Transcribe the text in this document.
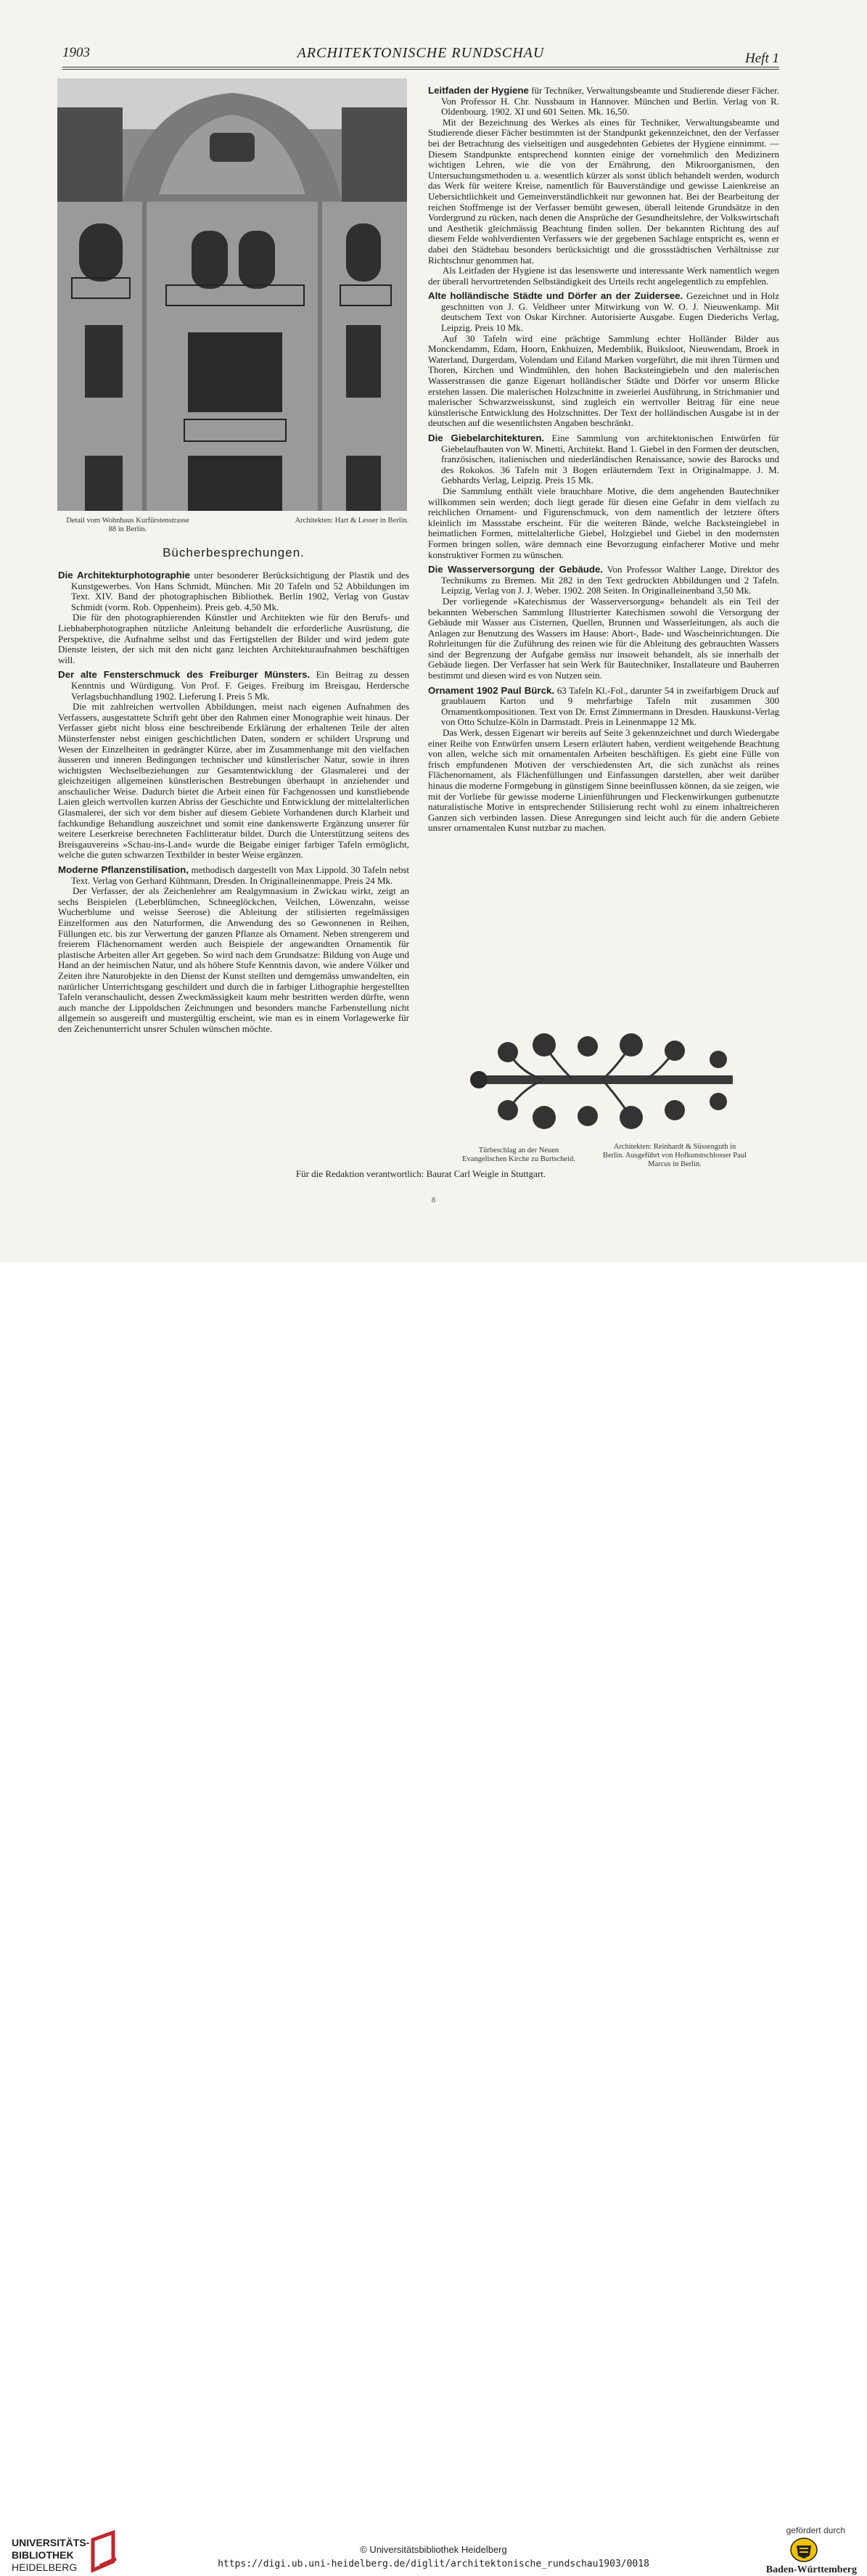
1903	ARCHITEKTONISCHE RUNDSCHAU	Heft 1
Detail vom Wohnhaus Kurfürstenstrasse 88 in Berlin.
Architekten: Hart & Lesser in Berlin.
Bücherbesprechungen.

Die Architekturphotographie unter besonderer Berücksichtigung der Plastik und des Kunstgewerbes. Von Hans Schmidt, München. Mit 20 Tafeln und 52 Abbildungen im Text. XIV. Band der photographischen Bibliothek. Berlin 1902, Verlag von Gustav Schmidt (vorm. Rob. Oppenheim). Preis geb. 4,50 Mk.

Die für den photographierenden Künstler und Architekten wie für den Berufs- und Liebhaberphotographen nützliche Anleitung behandelt die erforderliche Ausrüstung, die Perspektive, die Aufnahme selbst und das Fertigstellen der Bilder und wird jedem gute Dienste leisten, der sich mit den nicht ganz leichten Architekturaufnahmen beschäftigen will.

Der alte Fensterschmuck des Freiburger Münsters. Ein Beitrag zu dessen Kenntnis und Würdigung. Von Prof. F. Geiges. Freiburg im Breisgau, Herdersche Verlagsbuchhandlung 1902. Lieferung I. Preis 5 Mk.

Die mit zahlreichen wertvollen Abbildungen, meist nach eigenen Aufnahmen des Verfassers, ausgestattete Schrift geht über den Rahmen einer Monographie weit hinaus. Der Verfasser giebt nicht bloss eine beschreibende Erklärung der erhaltenen Teile der alten Münsterfenster nebst einigen geschichtlichen Daten, sondern er schildert Ursprung und Wesen der Einzelheiten in gedrängter Kürze, aber im Zusammenhange mit den vielfachen äusseren und inneren Bedingungen technischer und künstlerischer Natur, sowie in ihren wichtigsten Wechselbeziehungen zur Gesamtentwicklung der Glasmalerei und der gleichzeitigen allgemeinen künstlerischen Bestrebungen überhaupt in anziehender und anschaulicher Weise. Dadurch bietet die Arbeit einen für Fachgenossen und kunstliebende Laien gleich wertvollen kurzen Abriss der Geschichte und Entwicklung der mittelalterlichen Glasmalerei, der sich vor dem bisher auf diesem Gebiete Vorhandenen durch Klarheit und fachkundige Behandlung auszeichnet und somit eine dankenswerte Ergänzung unserer für weitere Leserkreise berechneten Fachlitteratur bildet. Durch die Unterstützung seitens des Breisgauvereins »Schau-ins-Land« wurde die Beigabe einiger farbiger Tafeln ermöglicht, welche die guten schwarzen Textbilder in bester Weise ergänzen.

Moderne Pflanzenstilisation, methodisch dargestellt von Max Lippold. 30 Tafeln nebst Text. Verlag von Gerhard Kühtmann, Dresden. In Originalleinenmappe. Preis 24 Mk.

Der Verfasser, der als Zeichenlehrer am Realgymnasium in Zwickau wirkt, zeigt an sechs Beispielen (Leberblümchen, Schneeglöckchen, Veilchen, Löwenzahn, weisse Wucherblume und weisse Seerose) die Ableitung der stilisierten regelmässigen Einzelformen aus den Naturformen, die Anwendung des so Gewonnenen in Reihen, Füllungen etc. bis zur Verwertung der ganzen Pflanze als Ornament. Neben strengerem und freierem Flächenornament werden auch Beispiele der angewandten Ornamentik für plastische Arbeiten aller Art gegeben. So wird nach dem Grundsatze: Bildung von Auge und Hand an der heimischen Natur, und als höhere Stufe Kenntnis davon, wie andere Völker und Zeiten ihre Naturobjekte in den Dienst der Kunst stellten und demgemäss umwandelten, ein natürlicher Unterrichtsgang geschildert und durch die in farbiger Lithographie hergestellten Tafeln veranschaulicht, dessen Zweckmässigkeit kaum mehr bestritten werden dürfte, wenn auch manche der Lippoldschen Zeichnungen und besonders manche Farbenstellung nicht allgemein so ausgereift und mustergültig erscheint, wie man es in einem Vorlagewerke für den Zeichenunterricht unsrer Schulen wünschen möchte.

Leitfaden der Hygiene für Techniker, Verwaltungsbeamte und Studierende dieser Fächer. Von Professor H. Chr. Nussbaum in Hannover. München und Berlin. Verlag von R. Oldenbourg. 1902. XI und 601 Seiten. Mk. 16,50.

Mit der Bezeichnung des Werkes als eines für Techniker, Verwaltungsbeamte und Studierende dieser Fächer bestimmten ist der Standpunkt gekennzeichnet, den der Verfasser bei der Betrachtung des vielseitigen und ausgedehnten Gebietes der Hygiene einnimmt. — Diesem Standpunkte entsprechend konnten einige der vornehmlich den Medizinern wichtigen Lehren, wie die von der Ernährung, den Mikroorganismen, den Untersuchungsmethoden u. a. wesentlich kürzer als sonst üblich behandelt werden, wodurch das Werk für weitere Kreise, namentlich für Bauverständige und gewisse Laienkreise an Uebersichtlichkeit und Gemeinverständlichkeit nur gewonnen hat. Bei der Bearbeitung der reichen Stoffmenge ist der Verfasser bemüht gewesen, überall leitende Grundsätze in den Vordergrund zu rücken, nach denen die Ansprüche der Gesundheitslehre, der Volkswirtschaft und Aesthetik gleichmässig Beachtung finden sollen. Der bekannten Richtung des auf diesem Felde wohlverdienten Verfassers wie der gegebenen Sachlage entspricht es, wenn er dabei den Städtebau besonders berücksichtigt und die grossstädtischen Verhältnisse zur Richtschnur genommen hat.

Als Leitfaden der Hygiene ist das lesenswerte und interessante Werk namentlich wegen der überall hervortretenden Selbständigkeit des Urteils recht angelegentlich zu empfehlen.

Alte holländische Städte und Dörfer an der Zuidersee. Gezeichnet und in Holz geschnitten von J. G. Veldheer unter Mitwirkung von W. O. J. Nieuwenkamp. Mit deutschem Text von Oskar Kirchner. Autorisierte Ausgabe. Eugen Diederichs Verlag, Leipzig. Preis 10 Mk.

Auf 30 Tafeln wird eine prächtige Sammlung echter Holländer Bilder aus Monckendamm, Edam, Hoorn, Enkhuizen, Medemblik, Buiksloot, Nieuwendam, Broek in Waterland, Durgerdam, Volendam und Eiland Marken vorgeführt, die mit ihren Türmen und Thoren, Kirchen und Windmühlen, den hohen Backsteingiebeln und den malerischen Wasserstrassen die ganze Eigenart holländischer Städte und Dörfer vor unserm Blicke erstehen lassen. Die malerischen Holzschnitte in zweierlei Ausführung, in Strichmanier und malerischer Schwarzweisskunst, sind zugleich ein wertvoller Beitrag für eine neue künstlerische Entwicklung des Holzschnittes. Der Text der holländischen Ausgabe ist in der deutschen auf die wesentlichsten Angaben beschränkt.

Die Giebelarchitekturen. Eine Sammlung von architektonischen Entwürfen für Giebelaufbauten von W. Minetti, Architekt. Band 1. Giebel in den Formen der deutschen, französischen, italienischen und niederländischen Renaissance, sowie des Barocks und des Rokokos. 36 Tafeln mit 3 Bogen erläuterndem Text in Originalmappe. J. M. Gebhardts Verlag, Leipzig. Preis 15 Mk.

Die Sammlung enthält viele brauchbare Motive, die dem angehenden Bautechniker willkommen sein werden; doch liegt gerade für diesen eine Gefahr in dem vielfach zu reichlichen Ornament- und Figurenschmuck, von dem namentlich der letztere öfters kleinlich im Massstabe erscheint. Für die weiteren Bände, welche Backsteingiebel in heimatlichen Formen, mittelalterliche Giebel, Holzgiebel und Giebel in den modernsten Formen bringen sollen, wäre demnach eine Bevorzugung einfacherer Motive und mehr konstruktiver Formen zu wünschen.

Die Wasserversorgung der Gebäude. Von Professor Walther Lange, Direktor des Technikums zu Bremen. Mit 282 in den Text gedruckten Abbildungen und 2 Tafeln. Leipzig, Verlag von J. J. Weber. 1902. 208 Seiten. In Originalleinenband 3,50 Mk.

Der vorliegende »Katechismus der Wasserversorgung« behandelt als ein Teil der bekannten Weberschen Sammlung Illustrierter Katechismen sowohl die Versorgung der Gebäude mit Wasser aus Cisternen, Quellen, Brunnen und Wasserleitungen, als auch die Anlagen zur Benutzung des Wassers im Hause: Abort-, Bade- und Wascheinrichtungen. Die Rohrleitungen für die Zuführung des reinen wie für die Ableitung des gebrauchten Wassers sind der Begrenzung der Aufgabe gemäss nur insoweit behandelt, als sie innerhalb der Gebäude liegen. Der Verfasser hat sein Werk für Bautechniker, Installateure und Bauherren bestimmt und diesen wird es von Nutzen sein.

Ornament 1902 Paul Bürck. 63 Tafeln Kl.-Fol., darunter 54 in zweifarbigem Druck auf graublauem Karton und 9 mehrfarbige Tafeln mit zusammen 300 Ornamentkompositionen. Text von Dr. Ernst Zimmermann in Dresden. Hauskunst-Verlag von Otto Schulze-Köln in Darmstadt. Preis in Leinenmappe 12 Mk.

Das Werk, dessen Eigenart wir bereits auf Seite 3 gekennzeichnet und durch Wiedergabe einer Reihe von Entwürfen unsern Lesern erläutert haben, verdient weitgehende Beachtung von allen, welche sich mit ornamentalen Arbeiten beschäftigen. Es giebt eine Fülle von frisch empfundenen Motiven der verschiedensten Art, die sich zunächst als reines Flächenornament, als Flächenfüllungen und Einfassungen darstellen, aber weit darüber hinaus die moderne Formgebung in günstigem Sinne beeinflussen können, da sie zeigen, wie mit der Vorliebe für gewisse moderne Linienführungen und Fleckenwirkungen gutbenutzte naturalistische Motive in entsprechender Stilisierung recht wohl zu einem inhaltreicheren Ganzen sich verbinden lassen. Diese Anregungen sind leicht auch für die andern Gebiete unsrer ornamentalen Kunst nutzbar zu machen.

Türbeschlag an der Neuen Evangelischen Kirche zu Burtscheid.
Architekten: Reinhardt & Süssenguth in Berlin. Ausgeführt von Hofkunstschlosser Paul Marcus in Berlin.
Für die Redaktion verantwortlich: Baurat Carl Weigle in Stuttgart.
8
UNIVERSITÄTS-
BIBLIOTHEK
HEIDELBERG
© Universitätsbibliothek Heidelberg
https://digi.ub.uni-heidelberg.de/diglit/architektonische_rundschau1903/0018
gefördert durch
Baden-Württemberg
